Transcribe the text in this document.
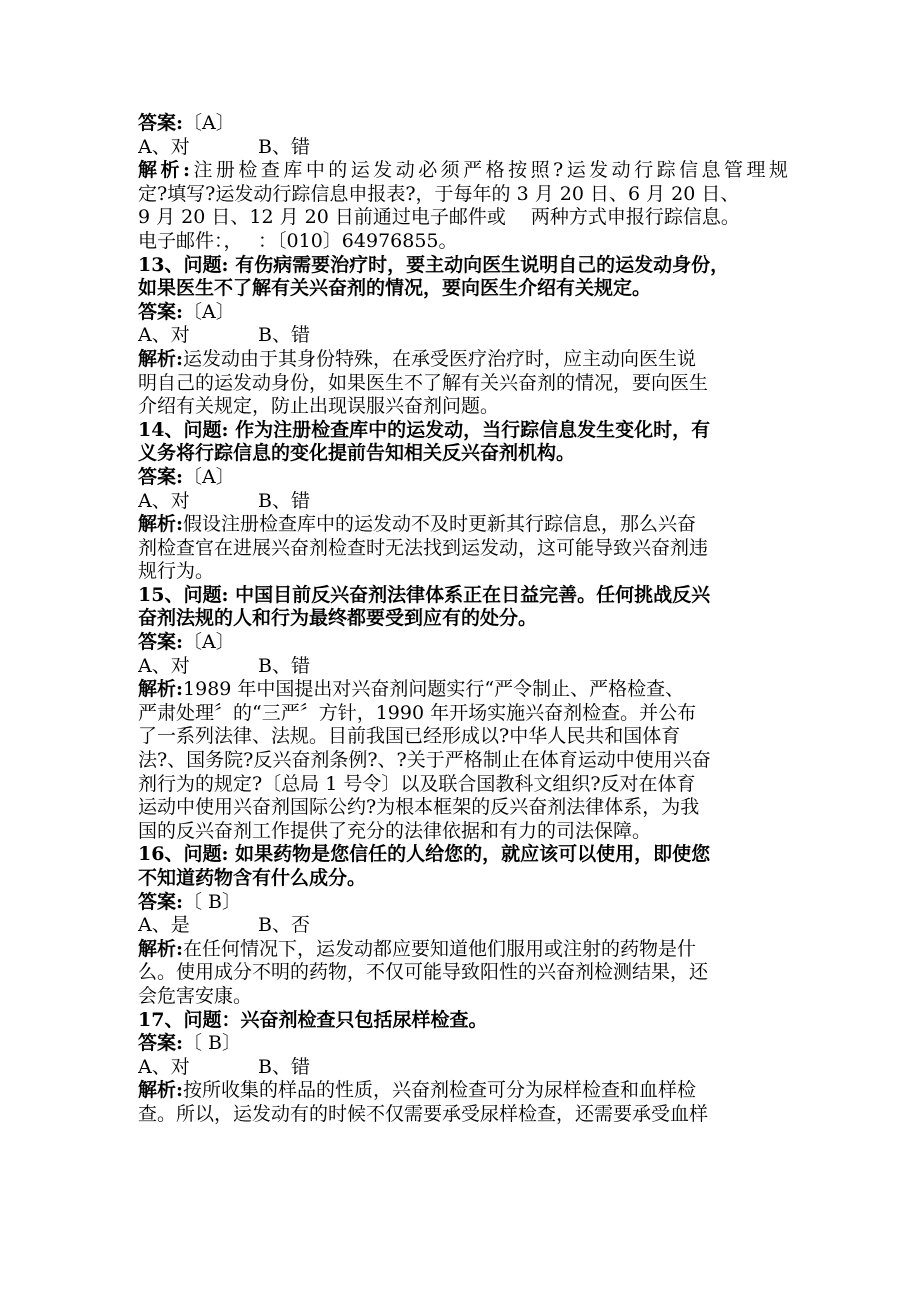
答案:〔A〕
A、对	B、错
解析:注册检查库中的运发动必须严格按照?运发动行踪信息管理规
定?填写?运发动行踪信息申报表?，于每年的 3 月 20 日、6 月 20 日、
9 月 20 日、12 月 20 日前通过电子邮件或　 两种方式申报行踪信息。
电子邮件：，　 ：〔010〕64976855。
13、问题: 有伤病需要治疗时，要主动向医生说明自己的运发动身份，
如果医生不了解有关兴奋剂的情况，要向医生介绍有关规定。
答案:〔A〕
A、对	B、错
解析:运发动由于其身份特殊，在承受医疗治疗时，应主动向医生说
明自己的运发动身份，如果医生不了解有关兴奋剂的情况，要向医生
介绍有关规定，防止出现误服兴奋剂问题。
14、问题: 作为注册检查库中的运发动，当行踪信息发生变化时，有
义务将行踪信息的变化提前告知相关反兴奋剂机构。
答案:〔A〕
A、对	B、错
解析:假设注册检查库中的运发动不及时更新其行踪信息，那么兴奋
剂检查官在进展兴奋剂检查时无法找到运发动，这可能导致兴奋剂违
规行为。
15、问题: 中国目前反兴奋剂法律体系正在日益完善。任何挑战反兴
奋剂法规的人和行为最终都要受到应有的处分。
答案:〔A〕
A、对	B、错
解析:1989 年中国提出对兴奋剂问题实行“严令制止、严格检查、
严肃处理〞的“三严〞方针，1990 年开场实施兴奋剂检查。并公布
了一系列法律、法规。目前我国已经形成以?中华人民共和国体育
法?、国务院?反兴奋剂条例?、?关于严格制止在体育运动中使用兴奋
剂行为的规定?〔总局 1 号令〕以及联合国教科文组织?反对在体育
运动中使用兴奋剂国际公约?为根本框架的反兴奋剂法律体系，为我
国的反兴奋剂工作提供了充分的法律依据和有力的司法保障。
16、问题: 如果药物是您信任的人给您的，就应该可以使用，即使您
不知道药物含有什么成分。
答案:〔 B〕
A、是	B、否
解析:在任何情况下，运发动都应要知道他们服用或注射的药物是什
么。使用成分不明的药物，不仅可能导致阳性的兴奋剂检测结果，还
会危害安康。
17、问题：兴奋剂检查只包括尿样检查。
答案:〔 B〕
A、对	B、错
解析:按所收集的样品的性质，兴奋剂检查可分为尿样检查和血样检
查。所以，运发动有的时候不仅需要承受尿样检查，还需要承受血样
